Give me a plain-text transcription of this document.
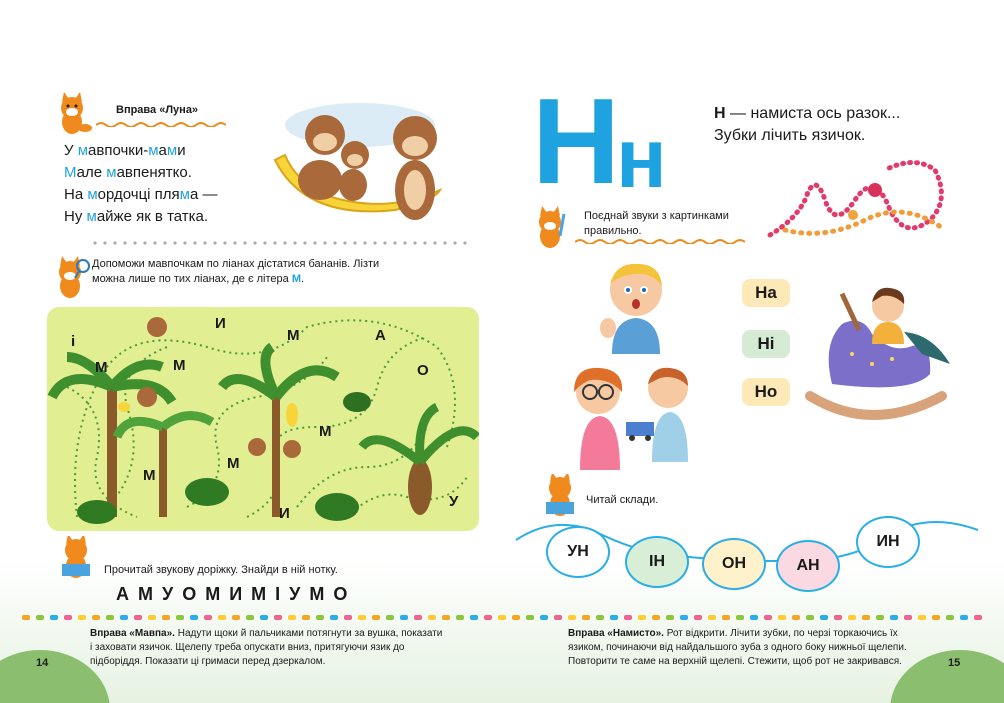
Вправа «Луна»
У мавпочки-мами
Мале мавпенятко.
На мордочці пляма —
Ну майже як в татка.
Допоможи мавпочкам по ліанах дістатися бананів. Лізти
можна лише по тих ліанах, де є літера М.
і
М	М
И
М	А
О
М
М
М
И
У
Прочитай звукову доріжку. Знайди в ній нотку.
А М У О М И М І У М О
Н
н	Н — намиста ось разок...
Зубки лічить язичок.
Поєднай звуки з картинками правильно.
На
Ні
Но
Читай склади.
УН
ІН	ОН	АН
ИН
Вправа «Мавпа». Надути щоки й пальчиками потягнути за вушка, показати і заховати язичок. Щелепу треба опускати вниз, притягуючи язик до підборіддя. Показати ці гримаси перед дзеркалом.
14
Вправа «Намисто». Рот відкрити. Лічити зубки, по черзі торкаючись їх язиком, починаючи від найдальшого зуба з одного боку нижньої щелепи. Повторити те саме на верхній щелепі. Стежити, щоб рот не закривався.	15
